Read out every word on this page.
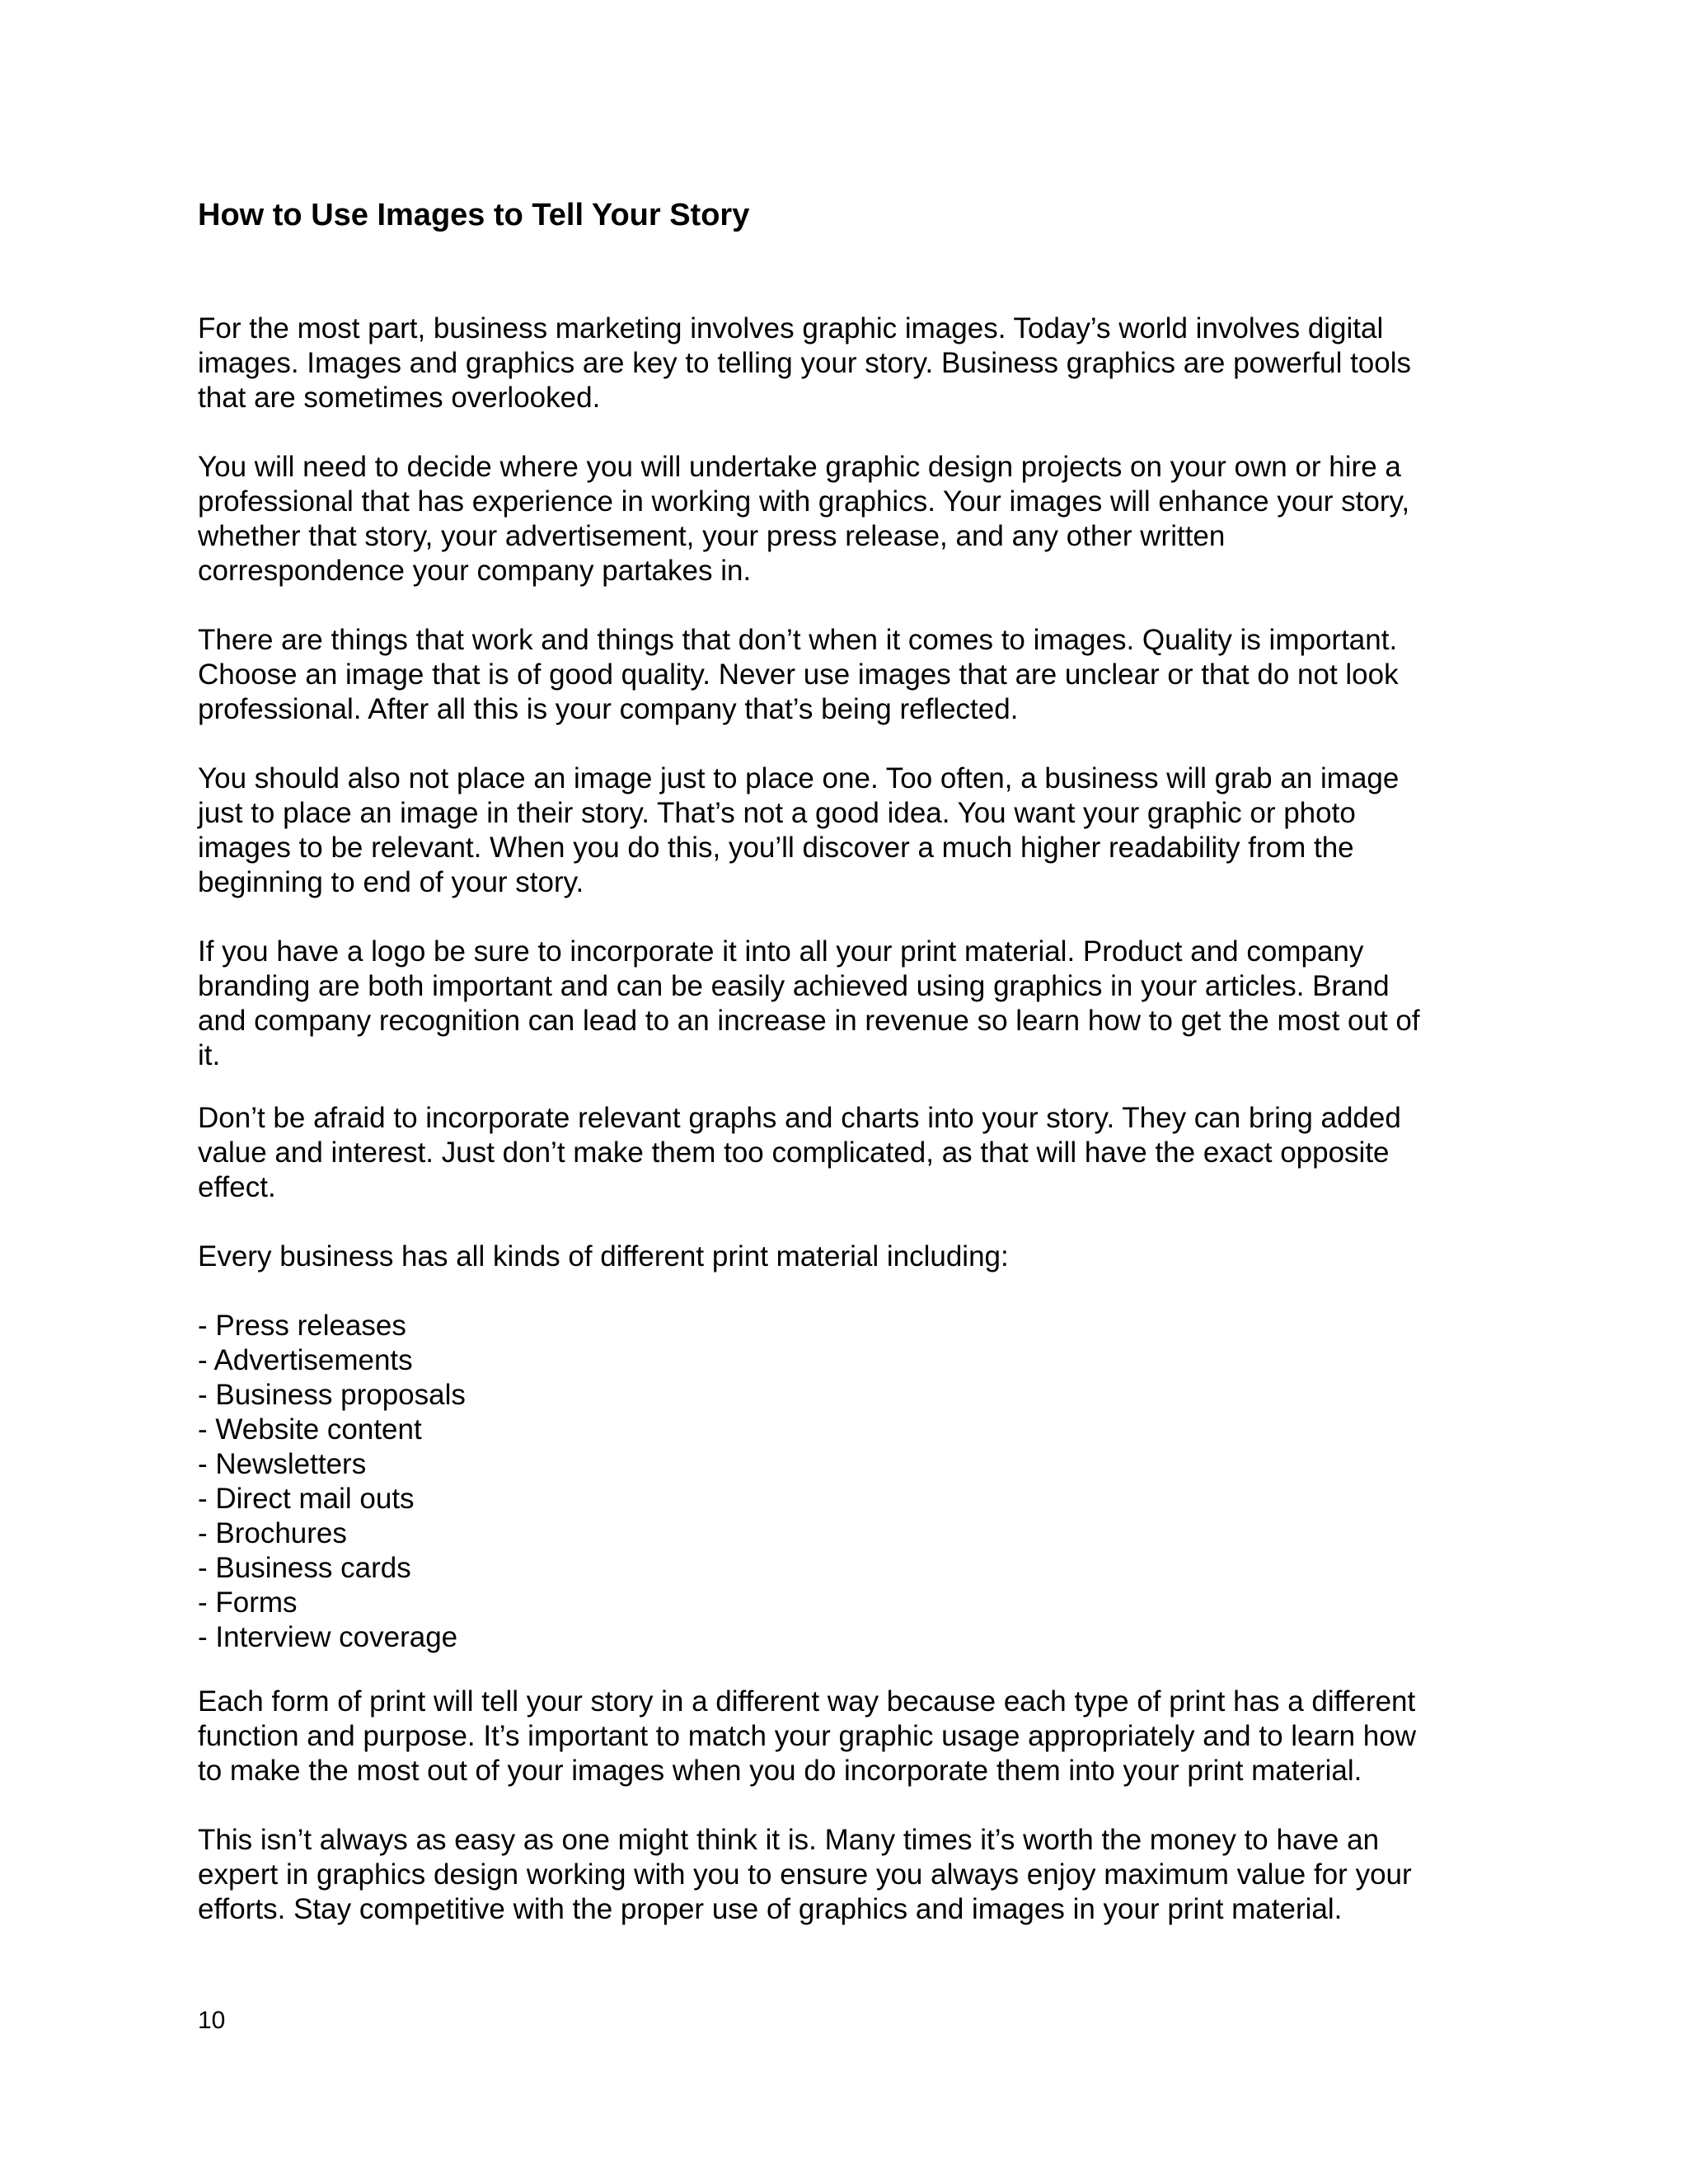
How to Use Images to Tell Your Story

For the most part, business marketing involves graphic images. Today’s world involves digital
images. Images and graphics are key to telling your story. Business graphics are powerful tools
that are sometimes overlooked.

You will need to decide where you will undertake graphic design projects on your own or hire a
professional that has experience in working with graphics. Your images will enhance your story,
whether that story, your advertisement, your press release, and any other written
correspondence your company partakes in.

There are things that work and things that don’t when it comes to images. Quality is important.
Choose an image that is of good quality. Never use images that are unclear or that do not look
professional. After all this is your company that’s being reflected.

You should also not place an image just to place one. Too often, a business will grab an image
just to place an image in their story. That’s not a good idea. You want your graphic or photo
images to be relevant. When you do this, you’ll discover a much higher readability from the
beginning to end of your story.

If you have a logo be sure to incorporate it into all your print material. Product and company
branding are both important and can be easily achieved using graphics in your articles. Brand
and company recognition can lead to an increase in revenue so learn how to get the most out of
it.

Don’t be afraid to incorporate relevant graphs and charts into your story. They can bring added
value and interest. Just don’t make them too complicated, as that will have the exact opposite
effect.

Every business has all kinds of different print material including:

- Press releases
- Advertisements
- Business proposals
- Website content
- Newsletters
- Direct mail outs
- Brochures
- Business cards
- Forms
- Interview coverage

Each form of print will tell your story in a different way because each type of print has a different
function and purpose. It’s important to match your graphic usage appropriately and to learn how
to make the most out of your images when you do incorporate them into your print material.

This isn’t always as easy as one might think it is. Many times it’s worth the money to have an
expert in graphics design working with you to ensure you always enjoy maximum value for your
efforts. Stay competitive with the proper use of graphics and images in your print material.

10
